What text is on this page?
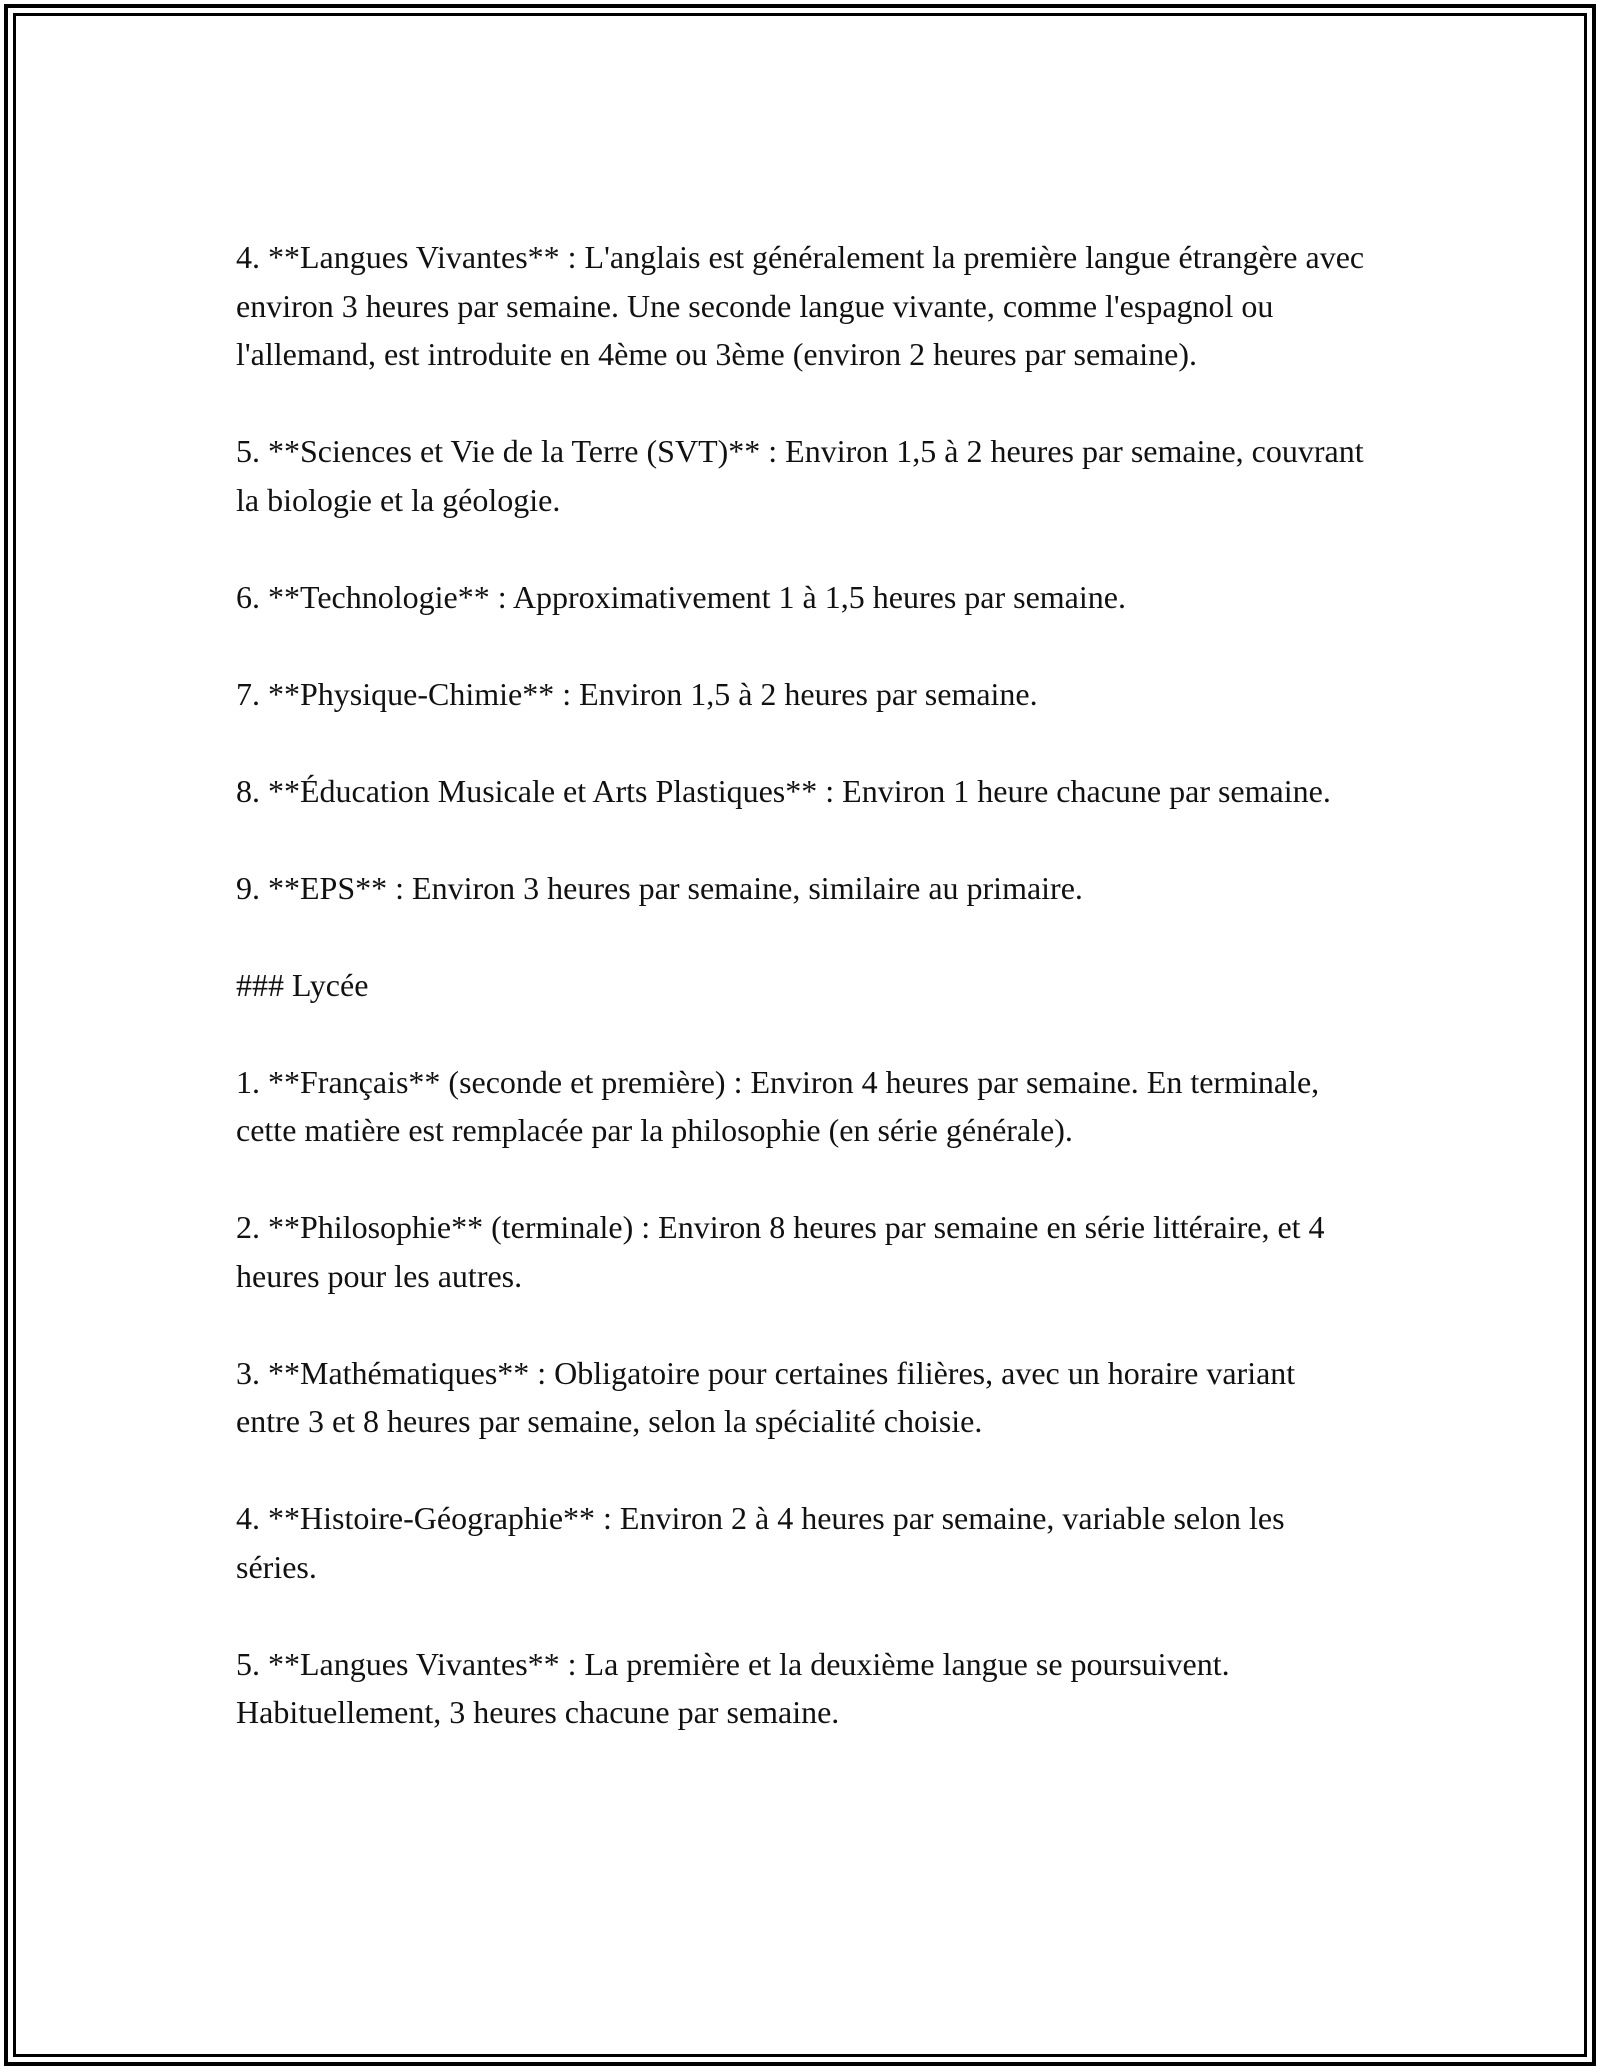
4. **Langues Vivantes** : L'anglais est généralement la première langue étrangère avec environ 3 heures par semaine. Une seconde langue vivante, comme l'espagnol ou l'allemand, est introduite en 4ème ou 3ème (environ 2 heures par semaine).

5. **Sciences et Vie de la Terre (SVT)** : Environ 1,5 à 2 heures par semaine, couvrant la biologie et la géologie.

6. **Technologie** : Approximativement 1 à 1,5 heures par semaine.

7. **Physique-Chimie** : Environ 1,5 à 2 heures par semaine.

8. **Éducation Musicale et Arts Plastiques** : Environ 1 heure chacune par semaine.

9. **EPS** : Environ 3 heures par semaine, similaire au primaire.

### Lycée

1. **Français** (seconde et première) : Environ 4 heures par semaine. En terminale, cette matière est remplacée par la philosophie (en série générale).

2. **Philosophie** (terminale) : Environ 8 heures par semaine en série littéraire, et 4 heures pour les autres.

3. **Mathématiques** : Obligatoire pour certaines filières, avec un horaire variant entre 3 et 8 heures par semaine, selon la spécialité choisie.

4. **Histoire-Géographie** : Environ 2 à 4 heures par semaine, variable selon les séries.

5. **Langues Vivantes** : La première et la deuxième langue se poursuivent. Habituellement, 3 heures chacune par semaine.
